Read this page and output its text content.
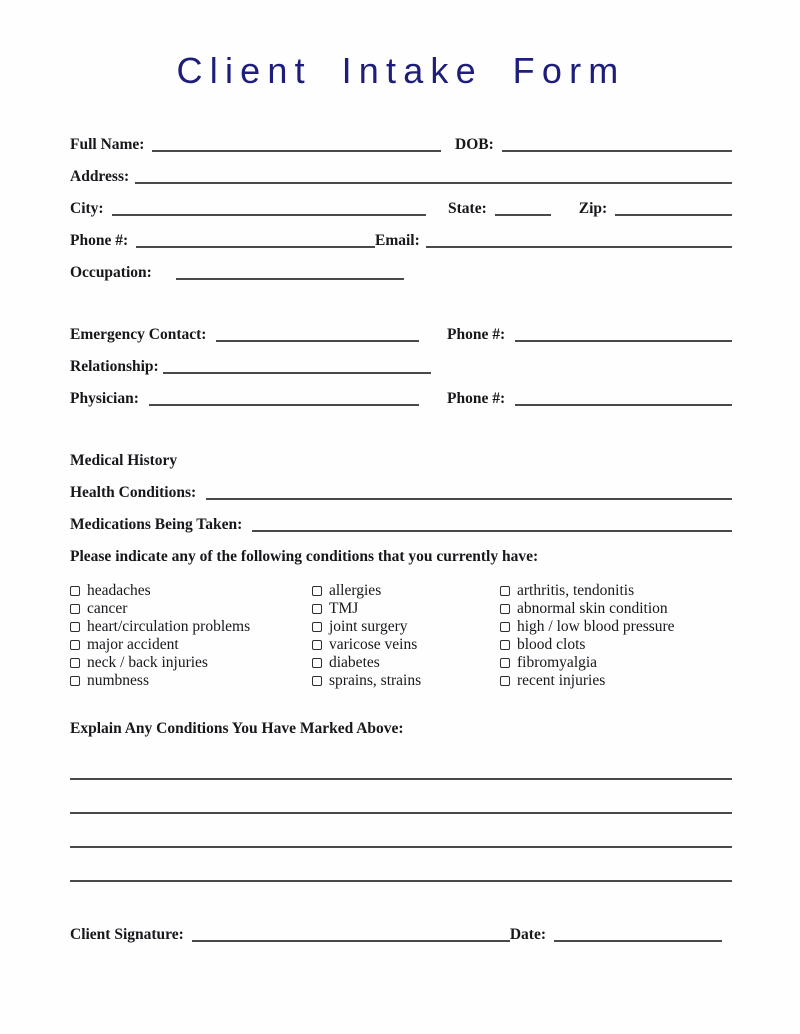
Client Intake Form
Full Name:	DOB:
Address:
City:	State:	Zip:
Phone #:	Email:
Occupation:
Emergency Contact:	Phone #:
Relationship:
Physician:	Phone #:
Medical History
Health Conditions:
Medications Being Taken:
Please indicate any of the following conditions that you currently have:
headaches
cancer
heart/circulation problems
major accident
neck / back injuries
numbness
allergies
TMJ
joint surgery
varicose veins
diabetes
sprains, strains
arthritis, tendonitis
abnormal skin condition
high / low blood pressure
blood clots
fibromyalgia
recent injuries
Explain Any Conditions You Have Marked Above:
Client Signature:	Date:
